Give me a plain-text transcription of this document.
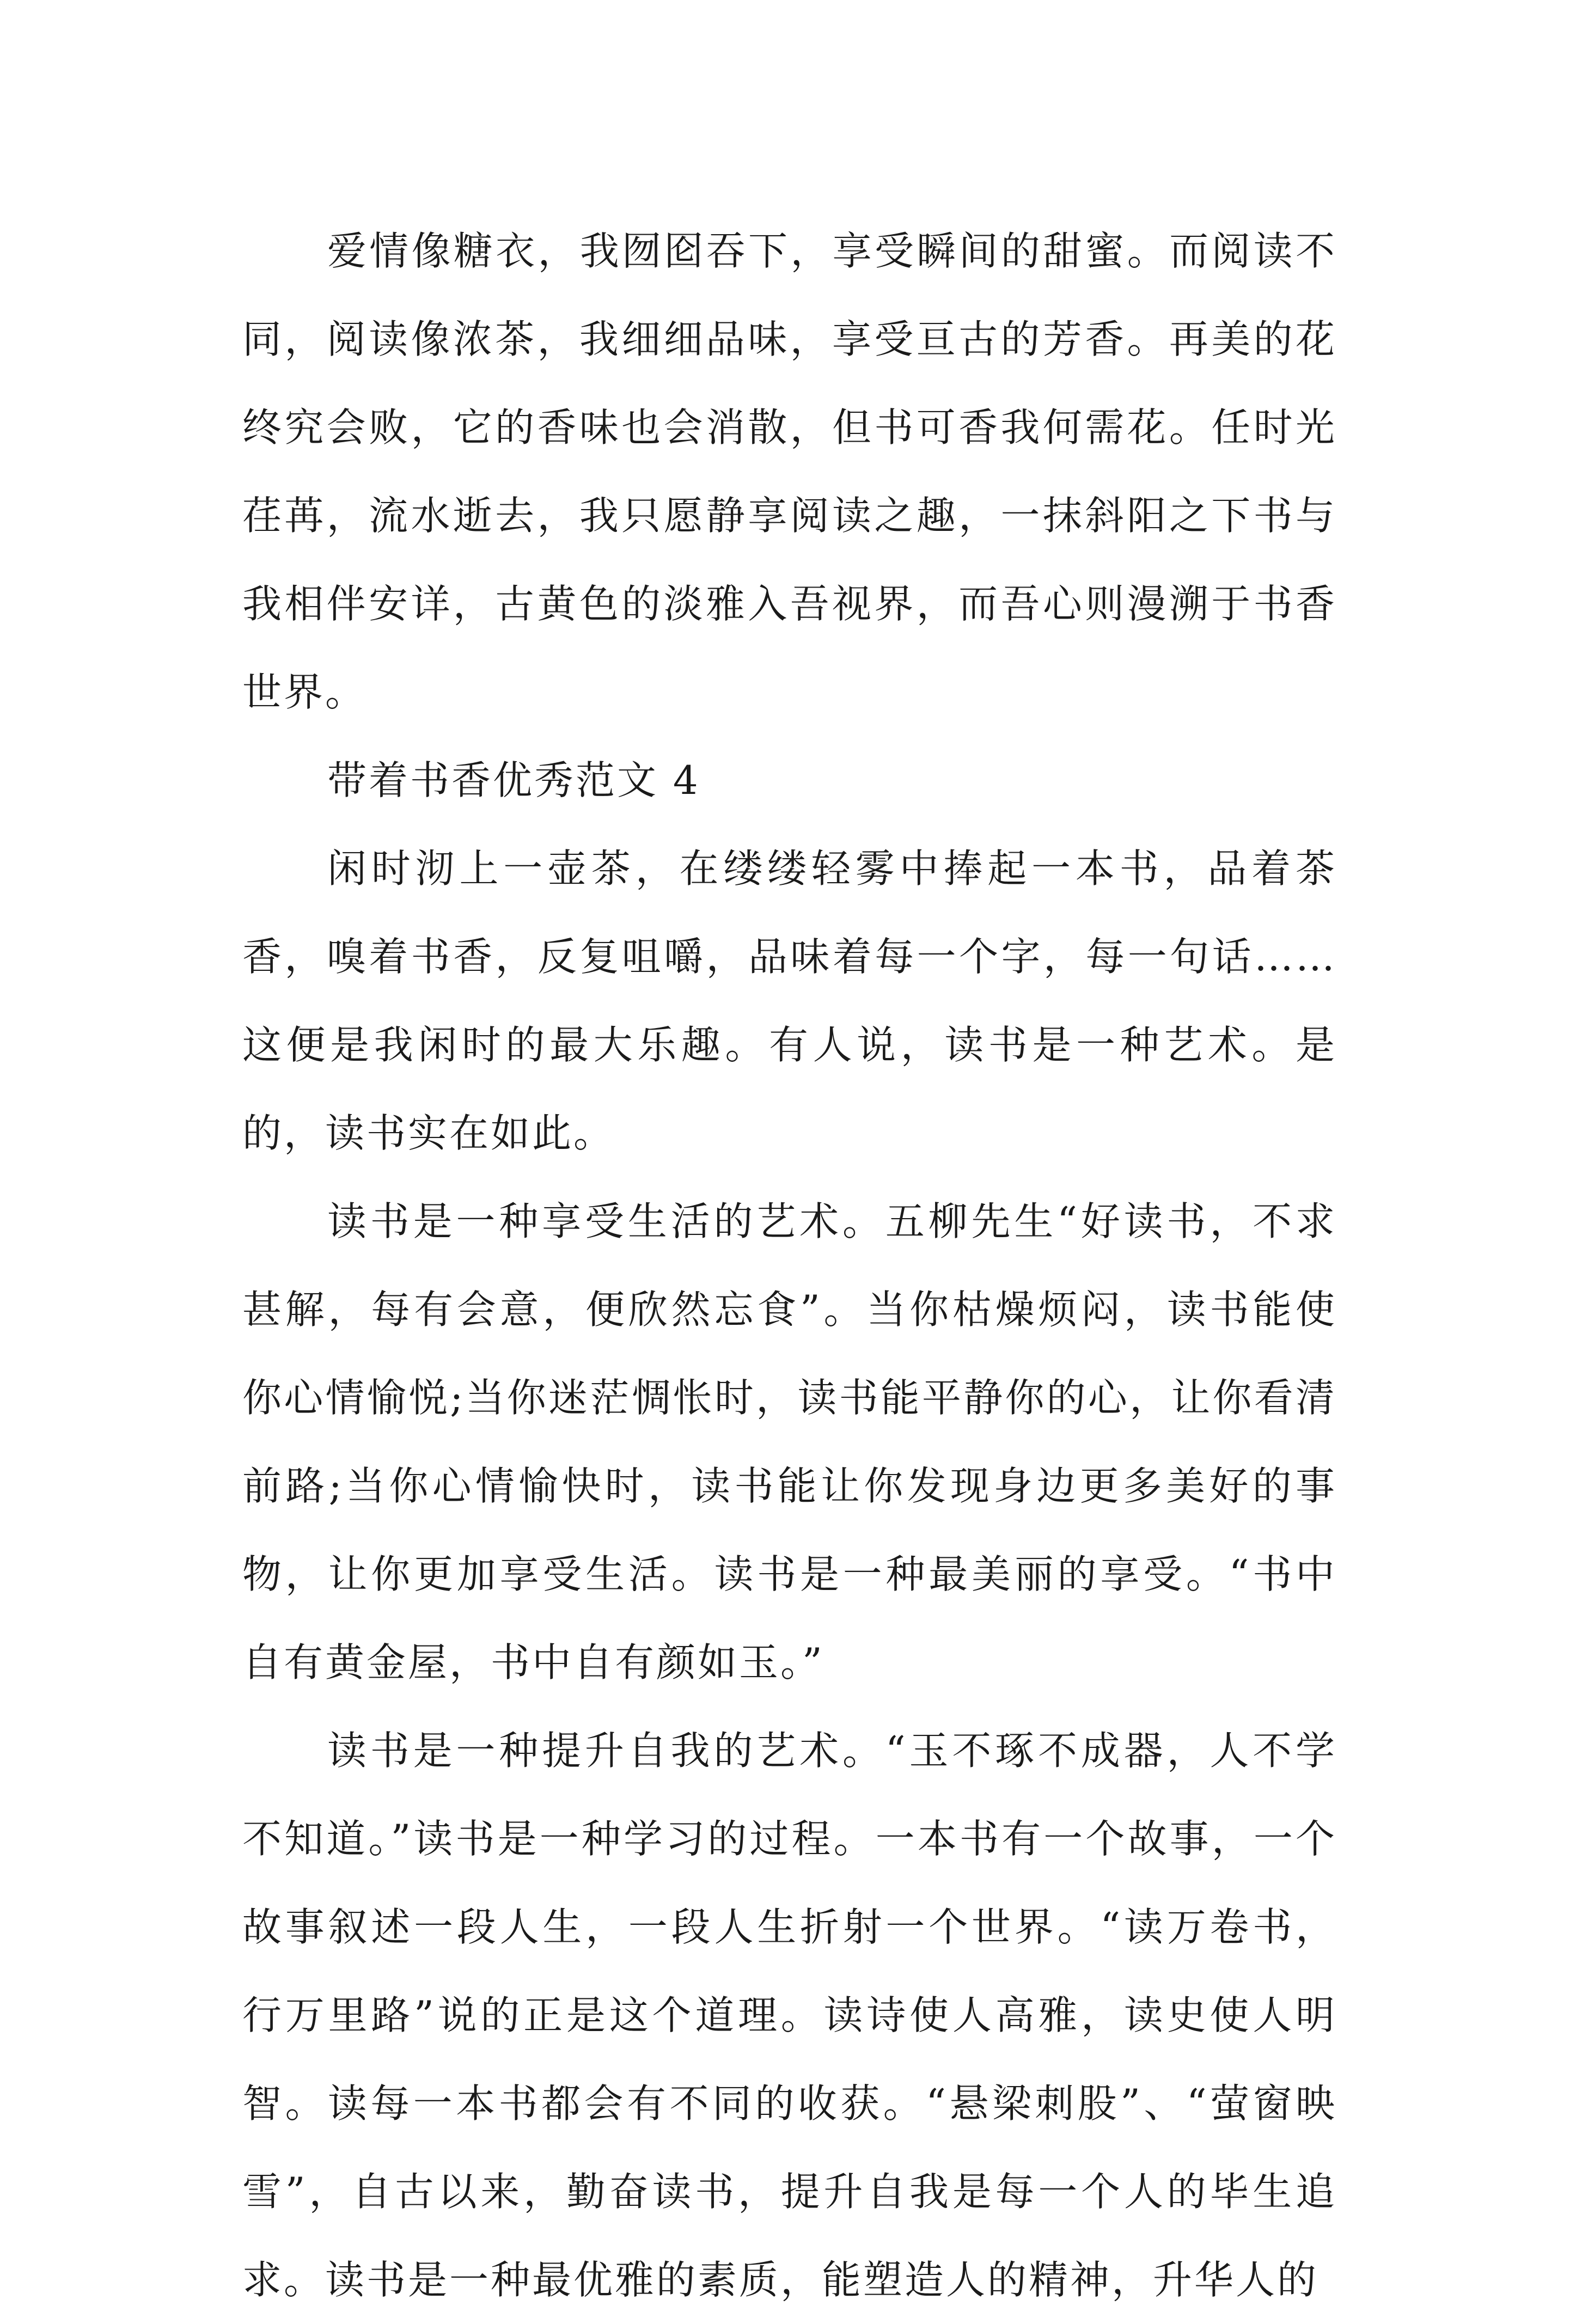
爱情像糖衣，我囫囵吞下，享受瞬间的甜蜜。而阅读不同，阅读像浓茶，我细细品味，享受亘古的芳香。再美的花终究会败，它的香味也会消散，但书可香我何需花。任时光荏苒，流水逝去，我只愿静享阅读之趣，一抹斜阳之下书与我相伴安详，古黄色的淡雅入吾视界，而吾心则漫溯于书香世界。

带着书香优秀范文 4

闲时沏上一壶茶，在缕缕轻雾中捧起一本书，品着茶香，嗅着书香，反复咀嚼，品味着每一个字，每一句话……这便是我闲时的最大乐趣。有人说，读书是一种艺术。是的，读书实在如此。

读书是一种享受生活的艺术。五柳先生“好读书，不求甚解，每有会意，便欣然忘食”。当你枯燥烦闷，读书能使你心情愉悦;当你迷茫惆怅时，读书能平静你的心，让你看清前路;当你心情愉快时，读书能让你发现身边更多美好的事物，让你更加享受生活。读书是一种最美丽的享受。“书中自有黄金屋，书中自有颜如玉。”

读书是一种提升自我的艺术。“玉不琢不成器，人不学不知道。”读书是一种学习的过程。一本书有一个故事，一个故事叙述一段人生，一段人生折射一个世界。“读万卷书，行万里路”说的正是这个道理。读诗使人高雅，读史使人明智。读每一本书都会有不同的收获。“悬梁刺股”、“萤窗映雪”，自古以来，勤奋读书，提升自我是每一个人的毕生追求。读书是一种最优雅的素质，能塑造人的精神，升华人的
